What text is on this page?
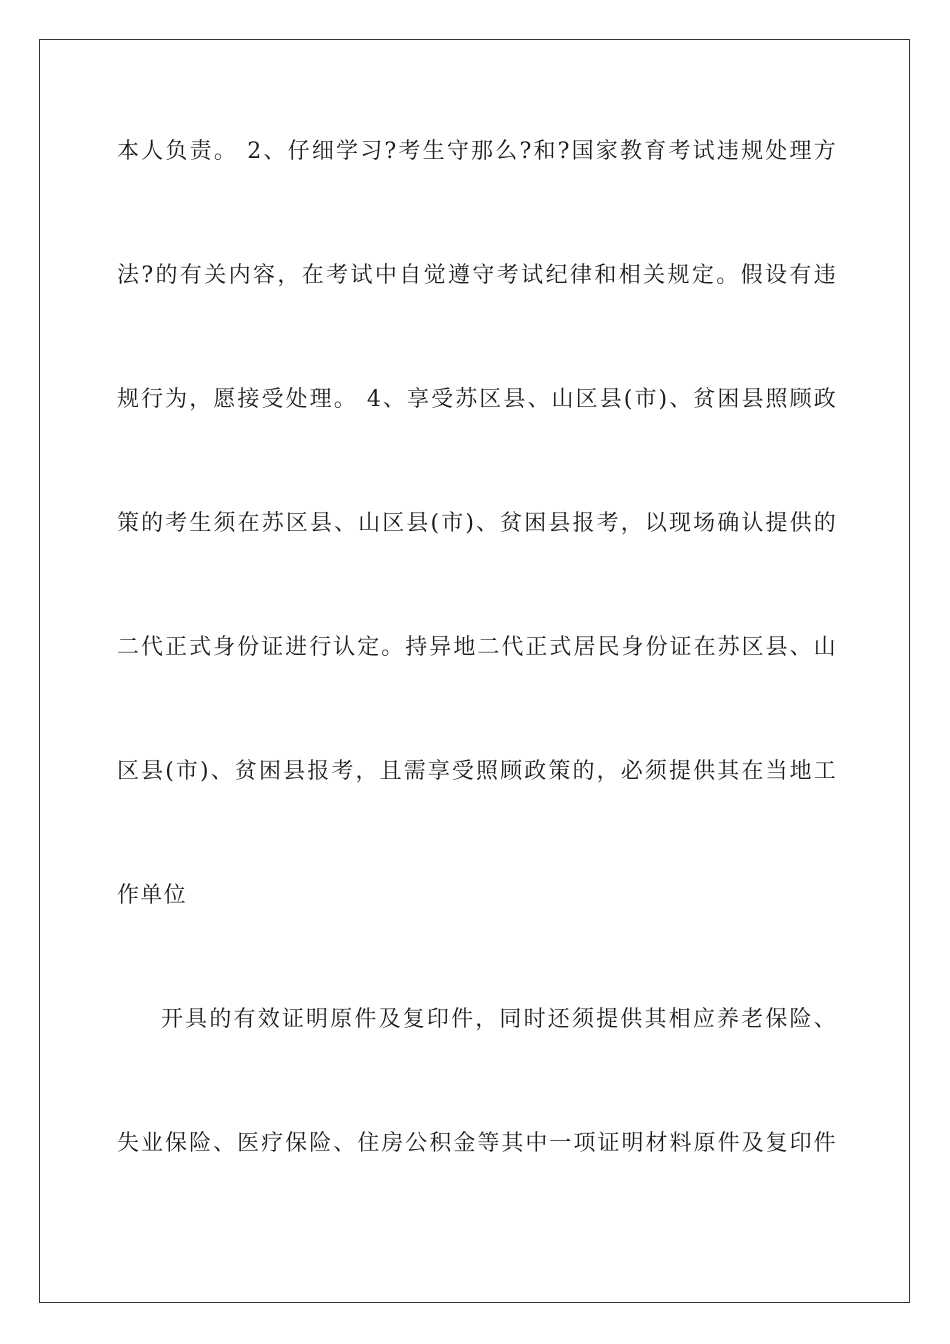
本人负责。 2、仔细学习?考生守那么?和?国家教育考试违规处理方
法?的有关内容，在考试中自觉遵守考试纪律和相关规定。假设有违
规行为，愿接受处理。 4、享受苏区县、山区县(市)、贫困县照顾政
策的考生须在苏区县、山区县(市)、贫困县报考，以现场确认提供的
二代正式身份证进行认定。持异地二代正式居民身份证在苏区县、山
区县(市)、贫困县报考，且需享受照顾政策的，必须提供其在当地工
作单位
开具的有效证明原件及复印件，同时还须提供其相应养老保险、
失业保险、医疗保险、住房公积金等其中一项证明材料原件及复印件
